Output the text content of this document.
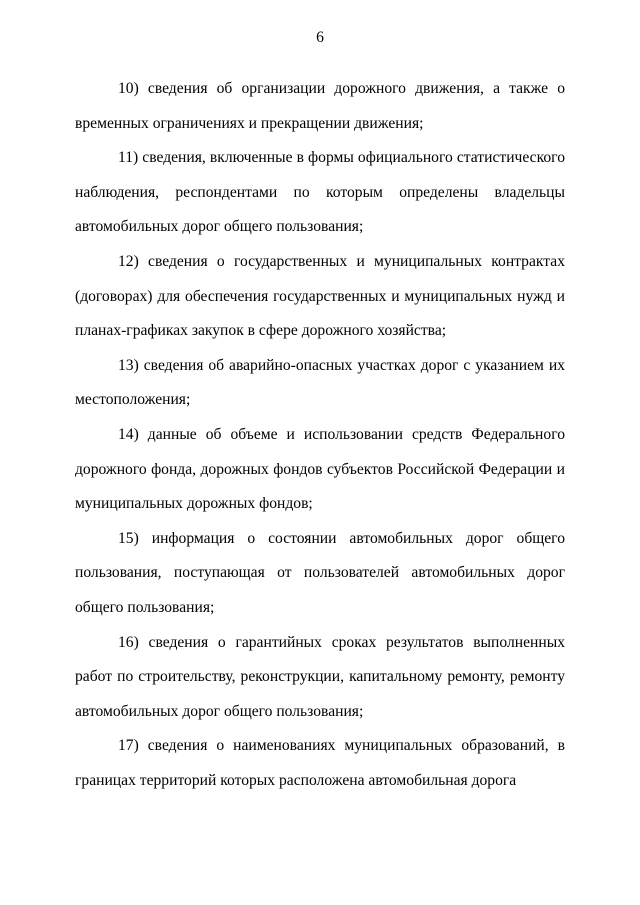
6

10) сведения об организации дорожного движения, а также о временных ограничениях и прекращении движения;

11) сведения, включенные в формы официального статистического наблюдения, респондентами по которым определены владельцы автомобильных дорог общего пользования;

12) сведения о государственных и муниципальных контрактах (договорах) для обеспечения государственных и муниципальных нужд и планах-графиках закупок в сфере дорожного хозяйства;

13) сведения об аварийно-опасных участках дорог с указанием их местоположения;

14) данные об объеме и использовании средств Федерального дорожного фонда, дорожных фондов субъектов Российской Федерации и муниципальных дорожных фондов;

15) информация о состоянии автомобильных дорог общего пользования, поступающая от пользователей автомобильных дорог общего пользования;

16) сведения о гарантийных сроках результатов выполненных работ по строительству, реконструкции, капитальному ремонту, ремонту автомобильных дорог общего пользования;

17) сведения о наименованиях муниципальных образований, в границах территорий которых расположена автомобильная дорога
